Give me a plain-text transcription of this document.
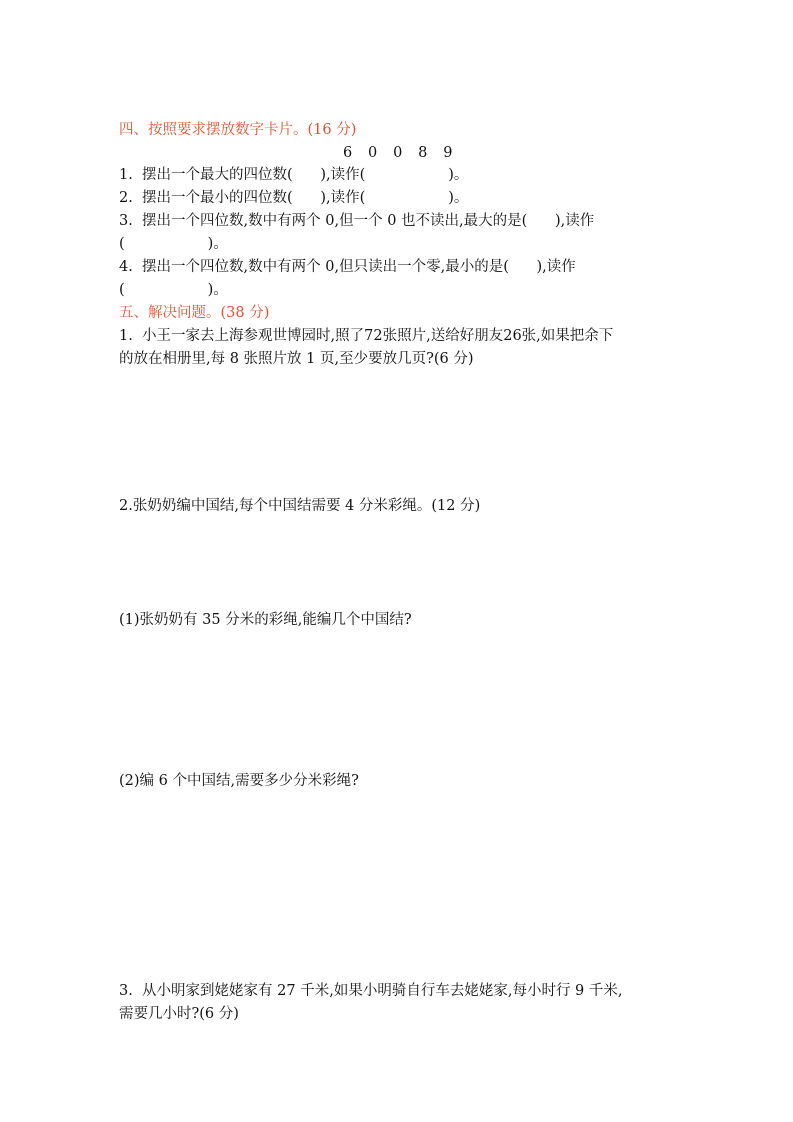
四、按照要求摆放数字卡片。(16 分)
6   0   0   8   9
1.  摆出一个最大的四位数(      ),读作(                  )。
2.  摆出一个最小的四位数(      ),读作(                  )。
3.  摆出一个四位数,数中有两个 0,但一个 0 也不读出,最大的是(      ),读作
(                  )。
4.  摆出一个四位数,数中有两个 0,但只读出一个零,最小的是(      ),读作
(                  )。
五、解决问题。(38 分)
1.  小王一家去上海参观世博园时,照了72张照片,送给好朋友26张,如果把余下
的放在相册里,每 8 张照片放 1 页,至少要放几页?(6 分)
2.张奶奶编中国结,每个中国结需要 4 分米彩绳。(12 分)
(1)张奶奶有 35 分米的彩绳,能编几个中国结?
(2)编 6 个中国结,需要多少分米彩绳?
3.  从小明家到姥姥家有 27 千米,如果小明骑自行车去姥姥家,每小时行 9 千米,
需要几小时?(6 分)
